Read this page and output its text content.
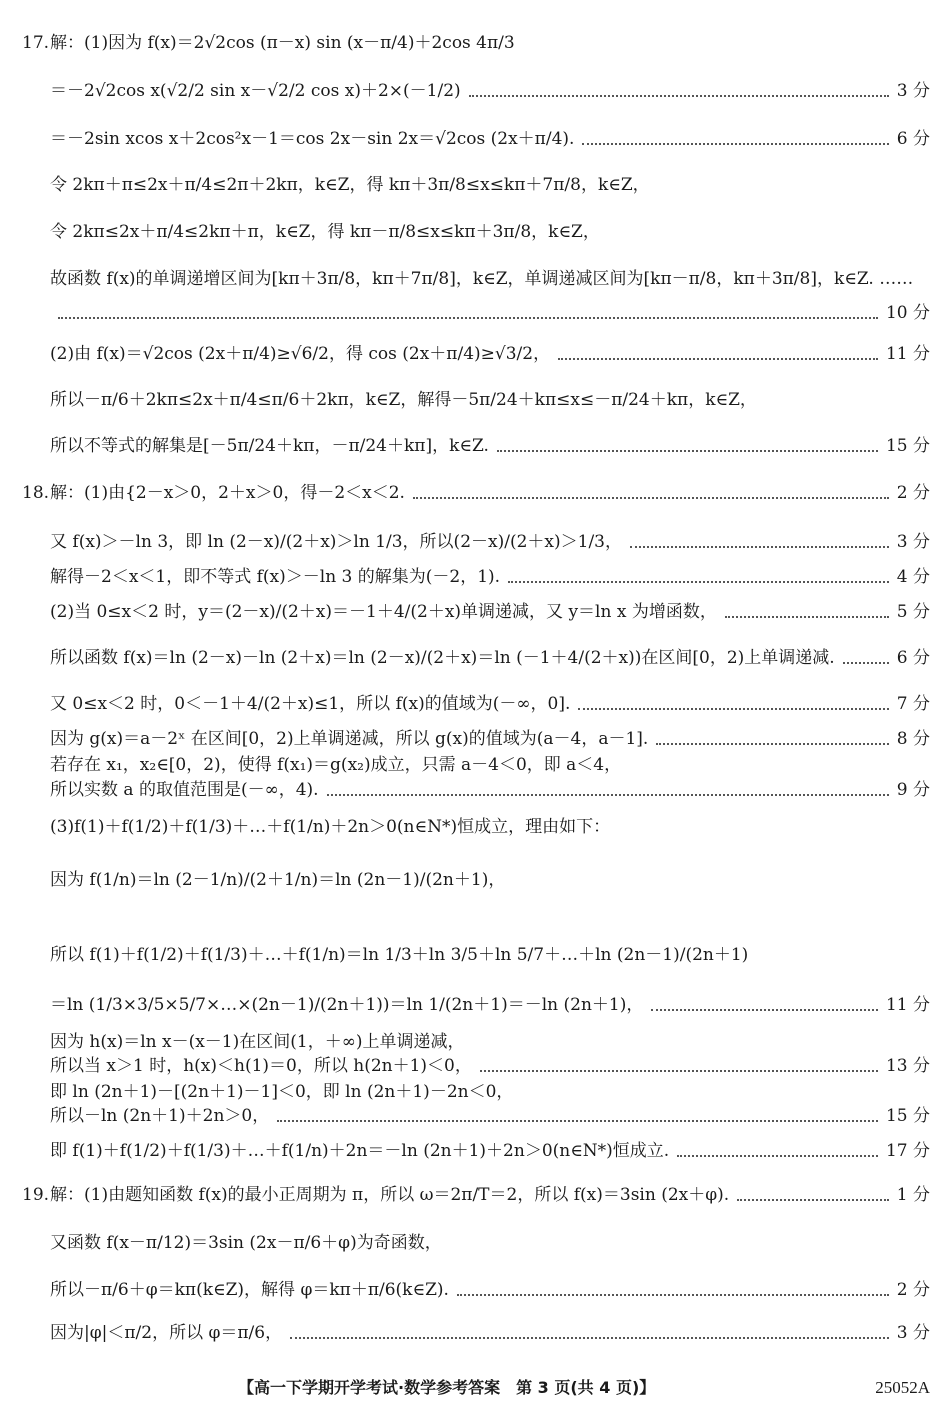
17. 解：(1)因为 f(x)＝2√2cos (π－x) sin (x－π/4)＋2cos 4π/3
＝－2√2cos x(√2/2 sin x－√2/2 cos x)＋2×(－1/2)	3 分
＝－2sin xcos x＋2cos²x－1＝cos 2x－sin 2x＝√2cos (2x＋π/4).	6 分
令 2kπ＋π≤2x＋π/4≤2π＋2kπ，k∈Z，得 kπ＋3π/8≤x≤kπ＋7π/8，k∈Z，
令 2kπ≤2x＋π/4≤2kπ＋π，k∈Z，得 kπ－π/8≤x≤kπ＋3π/8，k∈Z，
故函数 f(x)的单调递增区间为[kπ＋3π/8，kπ＋7π/8]，k∈Z，单调递减区间为[kπ－π/8，kπ＋3π/8]，k∈Z. ……
10 分
(2)由 f(x)＝√2cos (2x＋π/4)≥√6/2，得 cos (2x＋π/4)≥√3/2，	11 分
所以－π/6＋2kπ≤2x＋π/4≤π/6＋2kπ，k∈Z，解得－5π/24＋kπ≤x≤－π/24＋kπ，k∈Z，
所以不等式的解集是[－5π/24＋kπ，－π/24＋kπ]，k∈Z.	15 分
18. 解：(1)由{2－x＞0，2＋x＞0，得－2＜x＜2.	2 分
又 f(x)＞－ln 3，即 ln (2－x)/(2＋x)＞ln 1/3，所以(2－x)/(2＋x)＞1/3，	3 分
解得－2＜x＜1，即不等式 f(x)＞－ln 3 的解集为(－2，1).	4 分
(2)当 0≤x＜2 时，y＝(2－x)/(2＋x)＝－1＋4/(2＋x)单调递减，又 y＝ln x 为增函数，	5 分
所以函数 f(x)＝ln (2－x)－ln (2＋x)＝ln (2－x)/(2＋x)＝ln (－1＋4/(2＋x))在区间[0，2)上单调递减.	6 分
又 0≤x＜2 时，0＜－1＋4/(2＋x)≤1，所以 f(x)的值域为(－∞，0].	7 分
因为 g(x)＝a－2ˣ 在区间[0，2)上单调递减，所以 g(x)的值域为(a－4，a－1].	8 分
若存在 x₁，x₂∈[0，2)，使得 f(x₁)＝g(x₂)成立，只需 a－4＜0，即 a＜4，
所以实数 a 的取值范围是(－∞，4).	9 分
(3)f(1)＋f(1/2)＋f(1/3)＋…＋f(1/n)＋2n＞0(n∈N*)恒成立，理由如下：
因为 f(1/n)＝ln (2－1/n)/(2＋1/n)＝ln (2n－1)/(2n＋1)，
所以 f(1)＋f(1/2)＋f(1/3)＋…＋f(1/n)＝ln 1/3＋ln 3/5＋ln 5/7＋…＋ln (2n－1)/(2n＋1)
＝ln (1/3×3/5×5/7×…×(2n－1)/(2n＋1))＝ln 1/(2n＋1)＝－ln (2n＋1)，	11 分
因为 h(x)＝ln x－(x－1)在区间(1，＋∞)上单调递减，
所以当 x＞1 时，h(x)＜h(1)＝0，所以 h(2n＋1)＜0，	13 分
即 ln (2n＋1)－[(2n＋1)－1]＜0，即 ln (2n＋1)－2n＜0，
所以－ln (2n＋1)＋2n＞0，	15 分
即 f(1)＋f(1/2)＋f(1/3)＋…＋f(1/n)＋2n＝－ln (2n＋1)＋2n＞0(n∈N*)恒成立.	17 分
19. 解：(1)由题知函数 f(x)的最小正周期为 π，所以 ω＝2π/T＝2，所以 f(x)＝3sin (2x＋φ).	1 分
又函数 f(x－π/12)＝3sin (2x－π/6＋φ)为奇函数，
所以－π/6＋φ＝kπ(k∈Z)，解得 φ＝kπ＋π/6(k∈Z).	2 分
因为|φ|＜π/2，所以 φ＝π/6，	3 分
【高一下学期开学考试·数学参考答案　第 3 页(共 4 页)】	25052A
